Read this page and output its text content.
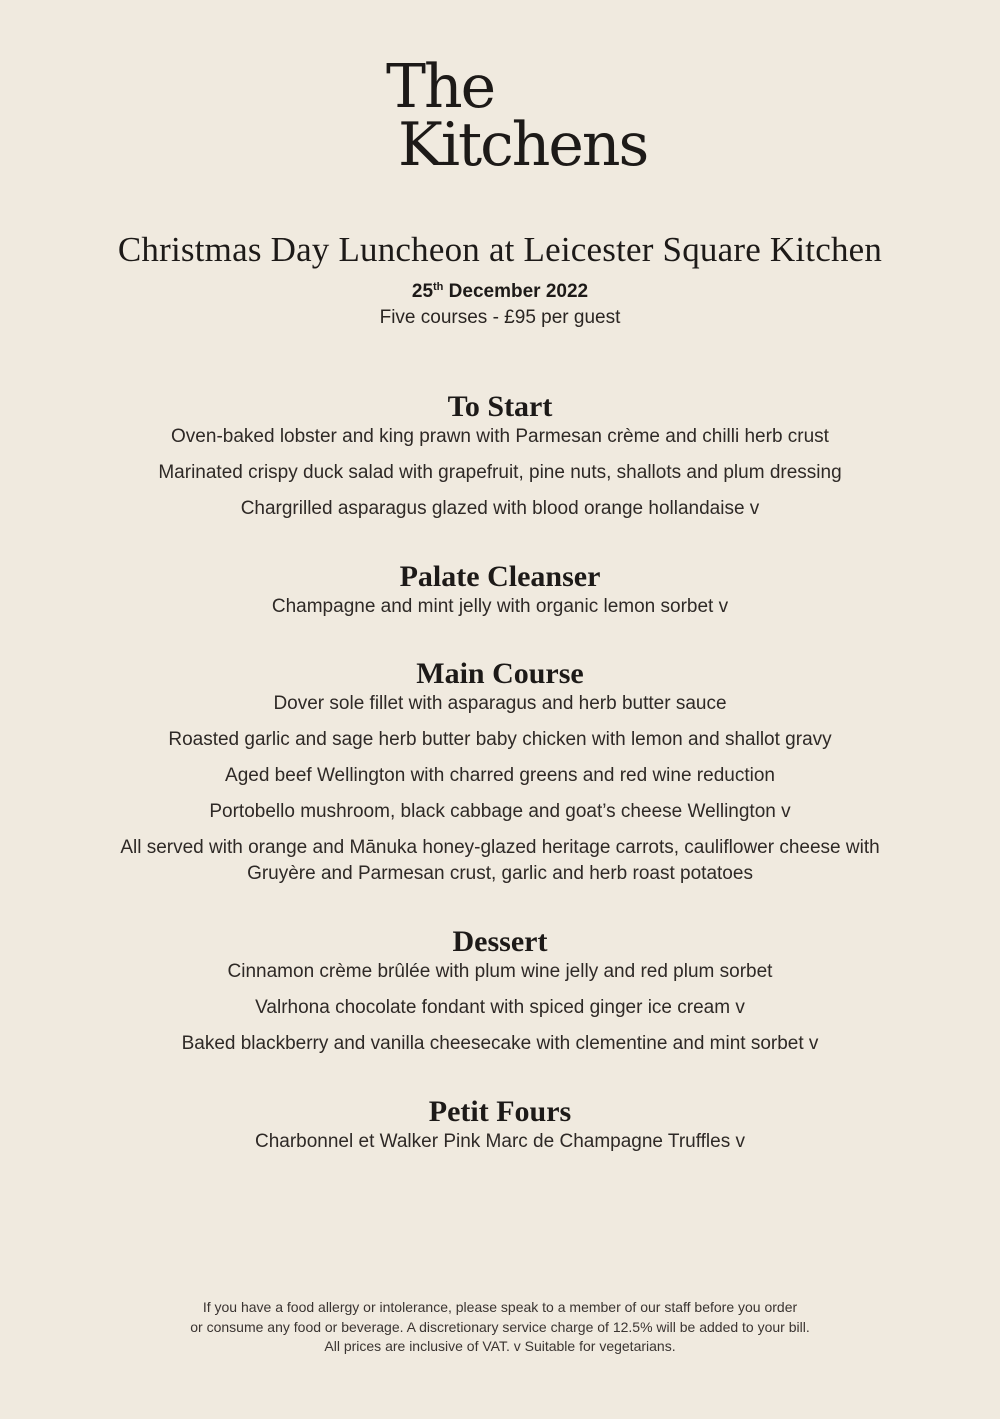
The
Kitchens
Christmas Day Luncheon at Leicester Square Kitchen
25th December 2022
Five courses - £95 per guest
To Start
Oven-baked lobster and king prawn with Parmesan crème and chilli herb crust
Marinated crispy duck salad with grapefruit, pine nuts, shallots and plum dressing
Chargrilled asparagus glazed with blood orange hollandaise v
Palate Cleanser
Champagne and mint jelly with organic lemon sorbet v
Main Course
Dover sole fillet with asparagus and herb butter sauce
Roasted garlic and sage herb butter baby chicken with lemon and shallot gravy
Aged beef Wellington with charred greens and red wine reduction
Portobello mushroom, black cabbage and goat’s cheese Wellington v
All served with orange and Mānuka honey-glazed heritage carrots, cauliflower cheese with Gruyère and Parmesan crust, garlic and herb roast potatoes
Dessert
Cinnamon crème brûlée with plum wine jelly and red plum sorbet
Valrhona chocolate fondant with spiced ginger ice cream v
Baked blackberry and vanilla cheesecake with clementine and mint sorbet v
Petit Fours
Charbonnel et Walker Pink Marc de Champagne Truffles v
If you have a food allergy or intolerance, please speak to a member of our staff before you order
or consume any food or beverage. A discretionary service charge of 12.5% will be added to your bill.
All prices are inclusive of VAT. v Suitable for vegetarians.
